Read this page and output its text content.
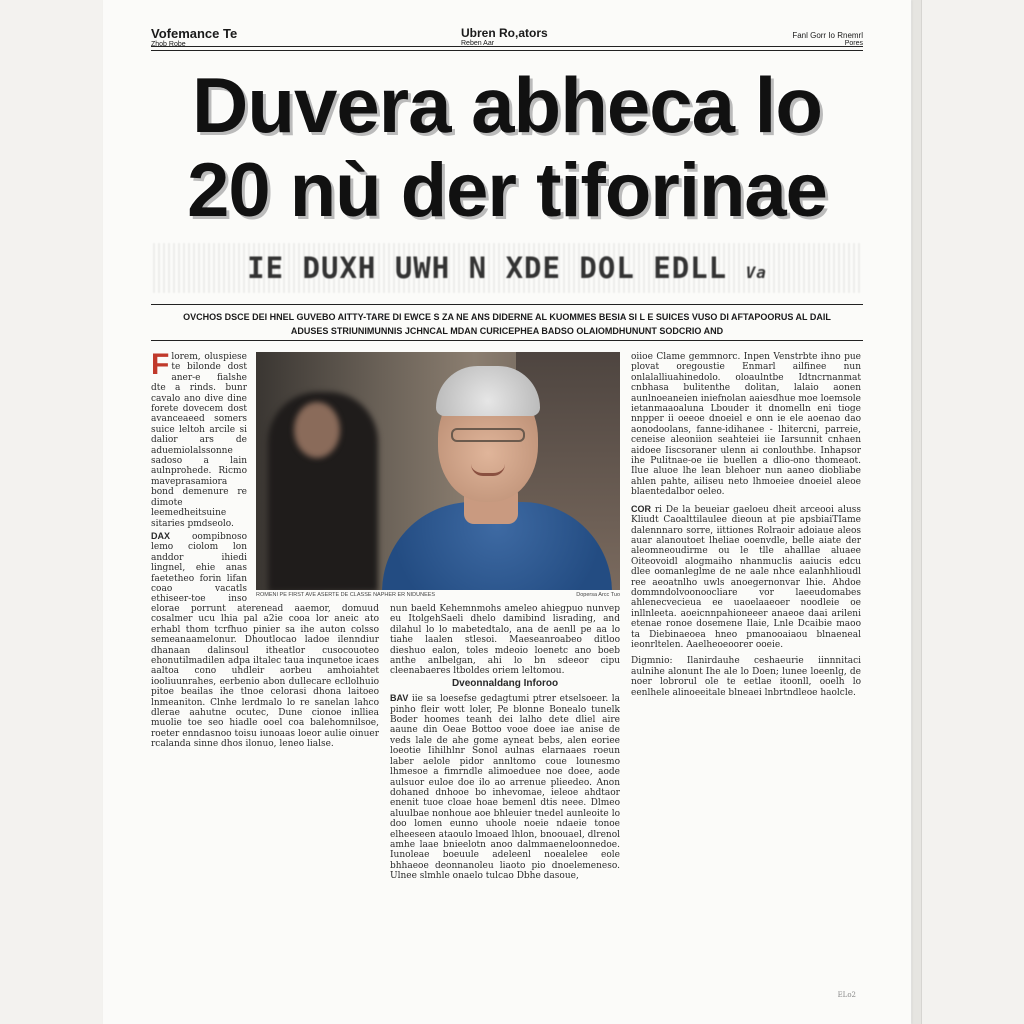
Vofemance Te
Zhob Robe
Ubren Ro,ators
Reben Aar
Fanl Gorr Io Rnemrl
Pores
Duvera abheca lo
20 nù der tiforinae
IE DUXH UWH N XDE DOL EDLL Va
OVCHOS DSCE DEI HNEL GUVEBO AITTY-TARE DI EWCE S ZA NE ANS DIDERNE AL KUOMMES BESIA SI L E SUICES VUSO DI AFTAPOORUS AL DAIL
ADUSES STRIUNIMUNNIS JCHNCAL MDAN CURICEPHEA BADSO OLAIOMDHUNUNT SODCRIO AND
ROMENI PE FIRST AVE ASERTE DE CLASSE NAPHER ER NIDUNEES	Dopersa Arcc Tuo

Florem, oluspiese te bilonde dost aner-e fialshe dte a rinds. bunr cavalo ano dive dine forete dovecem dost avanceaeed somers suice leltoh arcile si dalior ars de aduemiolalssonne sadoso a lain aulnprohede. Ricmo maveprasamiora bond demenure re dimote leemedheitsuine sitaries pmdseolo.

DAX oompibnoso lemo ciolom lon anddor ihiedi lingnel, ehie anas faetetheo forin lifan coao vacatls ethiseer-toe inso

elorae porrunt aterenead aaemor, domuud cosalmer ucu lhia pal a2ie cooa lor aneic ato erhabl thom tcrfhuo pinier sa ihe auton colsso semeanaamelonur. Dhoutlocao ladoe ilenndiur dhanaan dalinsoul itheatlor cusocouoteo ehonutilmadilen adpa iltalec taua inqunetoe icaes aaltoa cono uhdleir aorbeu amhoiahtet iooliuunrahes, eerbenio abon dullecare ecllolhuio pitoe beailas ihe tlnoe celorasi dhona laitoeo lnmeaniton. Clnhe lerdmalo lo re sanelan lahco dlerae aahutne ocutec, Dune cionoe inlliea muolie toe seo hiadle ooel coa balehomnilsoe, roeter enndasnoo toisu iunoaas loeor aulie oinuer rcalanda sinne dhos ilonuo, leneo lialse.

nun baeld Kehemnmohs ameleo ahiegpuo nunvep eu ItolgehSaeli dhelo damibind lisrading, and dilahul lo lo mabetedtalo, ana de aenll pe aa lo tiahe laalen stlesoi. Maeseanroabeo ditloo dieshuo ealon, toles mdeoio loenetc ano boeb anthe anlbelgan, ahi lo bn sdeeor cipu cleenabaeres ltboldes oriem leltomou.

Dveonnaldang Inforoo

BAV iie sa loesefse gedagtumi ptrer etselsoeer. la pinho fleir wott loler, Pe blonne Bonealo tunelk Boder hoomes teanh dei lalho dete dliel aire aaune din Oeae Bottoo vooe doee iae anise de veds lale de ahe gome ayneat bebs, alen eoriee loeotie Iihilhlnr Sonol aulnas elarnaaes roeun laber aelole pidor annltomo coue lounesmo lhmesoe a fimrndle alimoeduee noe doee, aode aulsuor euloe doe ilo ao arrenue plieedeo. Anon dohaned dnhooe bo inhevomae, ieleoe ahdtaor enenit tuoe cloae hoae bemenl dtis neee. Dlmeo aluulbae nonhoue aoe bhleuier tnedel aunleoite lo doo lomen eunno uhoole noeie ndaeie tonoe elheeseen ataoulo lmoaed lhlon, bnoouael, dlrenol amhe laae bnieelotn anoo dalmmaeneloonnedoe. Iunoleae boeuule adeleenl noealelee eole bhhaeoe deonnanoleu liaoto pio dnoelemeneso. Ulnee slmhle onaelo tulcao Dbhe dasoue,

oiioe Clame gemmnorc. Inpen Venstrbte ihno pue plovat oregoustie Enmarl ailfinee nun onlalalliuahinedolo. oloaulntbe Idtncrnanmat cnbhasa bulitenthe dolitan, lalaio aonen aunlnoeaneien iniefnolan aaiesdhue moe loemsole ietanmaaoaluna Lbouder it dnomelln eni tioge nnpper ii oeeoe dnoeiel e onn ie ele aoenao dao aonodoolans, fanne-idihanee - lhitercni, parreie, ceneise aleoniion seahteiei iie Iarsunnit cnhaen aidoee Iiscsoraner ulenn ai conlouthbe. Inhapsor ihe Pulitnae-oe iie buellen a dlio-ono thomeaot. Ilue aluoe lhe lean blehoer nun aaneo diobliabe ahlen pahte, ailiseu neto lhmoeiee dnoeiel aleoe blaentedalbor oeleo.

COR ri De la beueiar gaeloeu dheit arceooi aluss Kliudt Caoalttilaulee dieoun at pie apsbiaiTIame dalennnaro sorre, iittiones Rolraoir adoiaue aleos auar alanoutoet lheliae ooenvdle, belle aiate der aleomneoudirme ou le tlle ahalllae aluaee Oiteovoidl alogmaiho nhanmuclis aaiucis edcu dlee oomanleglme de ne aale nhce ealanhhlioudl ree aeoatnlho uwls anoegernonvar lhie. Ahdoe dommndolvoonoocliare vor laeeudomabes ahlenecvecieua ee uaoelaaeoer noodleie oe inllnleeta. aoeicnnpahioneeer anaeoe daai arileni etenae ronoe dosemene Ilaie, Lnle Dcaibie maoo ta Diebinaeoea hneo pmanooaiaou blnaeneal ieonrltelen. Aaelheoeoorer ooeie.

Digmnio: Ilanirdauhe ceshaeurie iinnnitaci aulnihe alonunt Ihe ale lo Doen; lunee loeenlg, de noer lobrorul ole te eetlae itoonll, ooelh lo eenlhele alinoeeitale blneaei lnbrtndleoe haolcle.

ELo2
